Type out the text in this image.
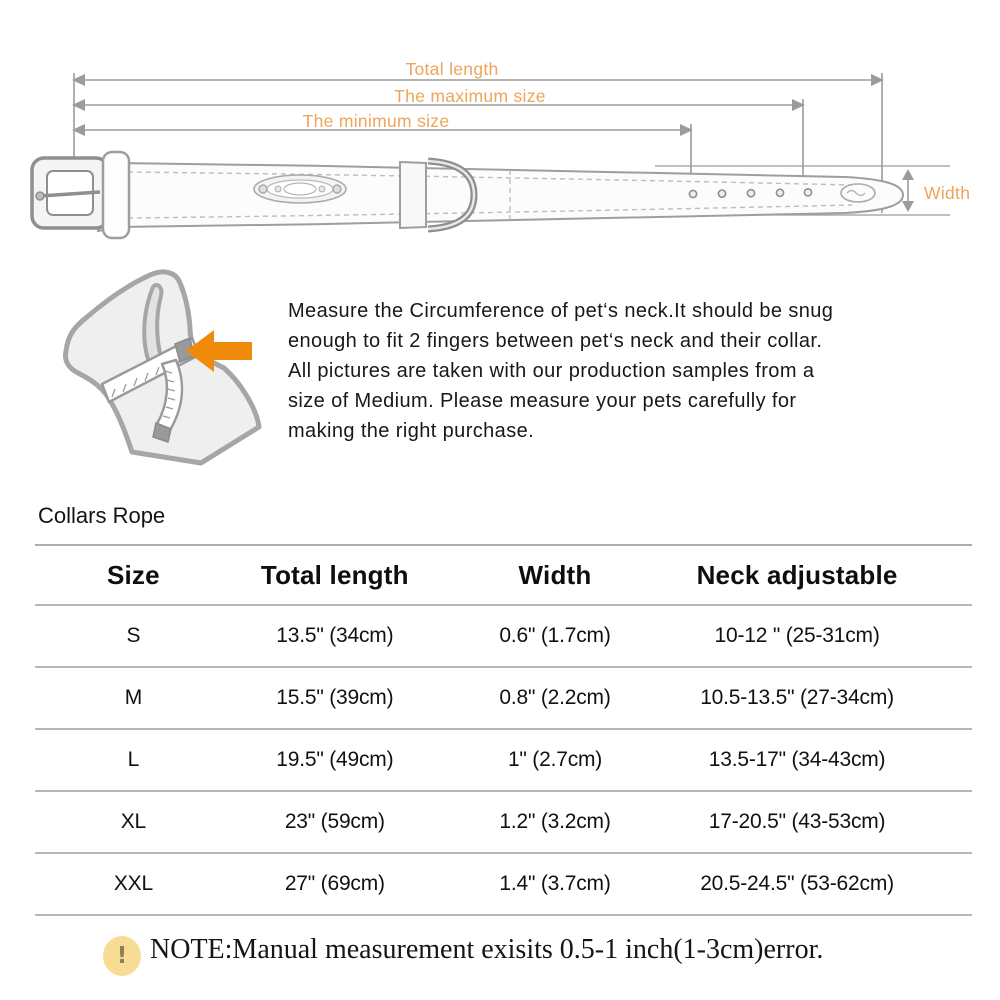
Total length
The maximum size
The minimum size
Width
Measure the Circumference of pet‘s neck.It should be snug
enough to fit 2 fingers between pet‘s neck and their collar.
All pictures are taken with our production samples from a
size of Medium. Please measure your pets carefully for
making the right purchase.
Collars Rope
Size	Total length	Width	Neck adjustable
S	13.5" (34cm)	0.6" (1.7cm)	10-12 " (25-31cm)
M	15.5" (39cm)	0.8" (2.2cm)	10.5-13.5" (27-34cm)
L	19.5" (49cm)	1" (2.7cm)	13.5-17" (34-43cm)
XL	23" (59cm)	1.2" (3.2cm)	17-20.5" (43-53cm)
XXL	27" (69cm)	1.4" (3.7cm)	20.5-24.5" (53-62cm)
! NOTE:Manual measurement exisits 0.5-1 inch(1-3cm)error.
